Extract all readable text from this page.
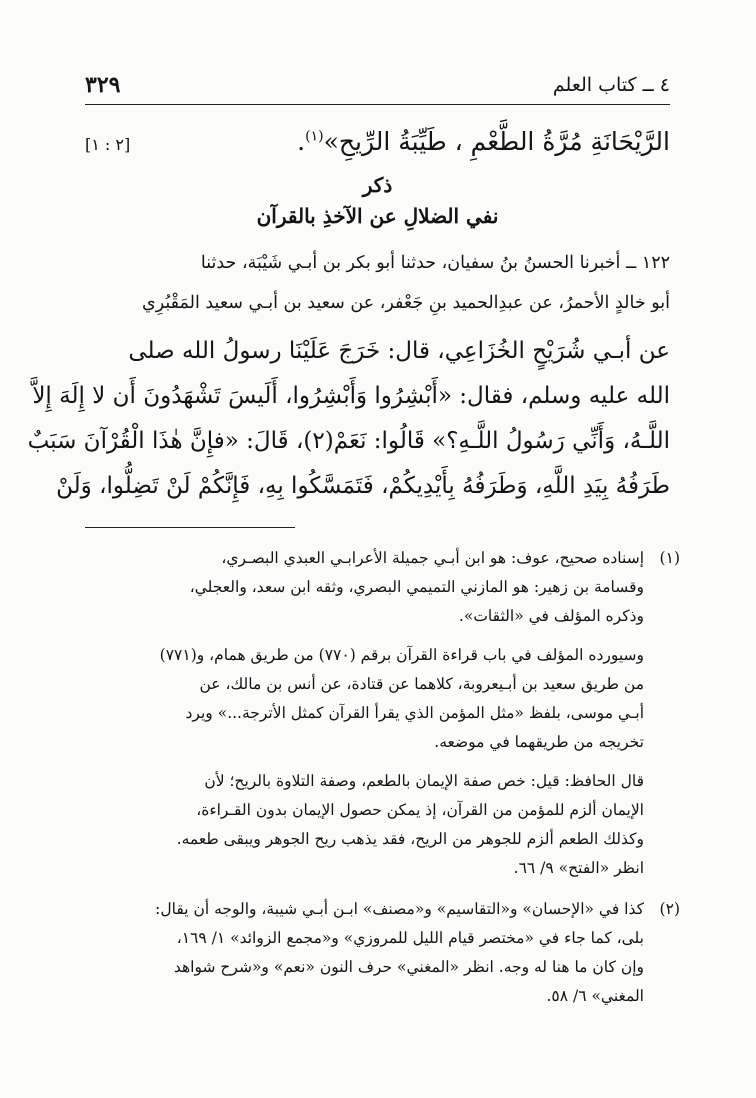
٤ ــ كتاب العلم
٣٢٩
الرَّيْحَانَةِ مُرَّةُ الطَّعْمِ ، طَيِّبَةُ الرِّيحِ»$^{(١)}$.
[٢ : ١]
ذكر
نفي الضلالِ عن الآخذِ بالقرآن

١٢٢ ــ أخبرنا الحسنُ بنُ سفيان، حدثنا أبو بكر بن أبـي شَيْبَة، حدثنا

أبو خالدٍ الأحمرُ، عن عبدِالحميد بنِ جَعْفر، عن سعيد بن أبـي سعيد المَقْبُرِي

عن أبـي شُرَيْحٍ الخُزَاعِي، قال: خَرَجَ عَلَيْنَا رسولُ الله صلى

الله عليه وسلم، فقال: «أَبْشِرُوا وَأَبْشِرُوا، أَلَيسَ تَشْهَدُونَ أَن لا إِلَهَ إِلاَّ

اللَّـهُ، وَأَنِّي رَسُولُ اللَّـهِ؟» قَالُوا: نَعَمْ(٢)، قَالَ: «فإِنَّ هٰذَا الْقُرْآنَ سَبَبٌ

طَرَفُهُ بِيَدِ اللَّهِ، وَطَرَفُهُ بِأَيْدِيكُمْ، فَتَمَسَّكُوا بِهِ، فَإِنَّكُمْ لَنْ تَضِلُّوا، وَلَنْ

(١)

إسناده صحيح، عوف: هو ابن أبـي جميلة الأعرابـي العبدي البصـري،

وقسامة بن زهير: هو المازني التميمي البصري، وثقه ابن سعد، والعجلي،

وذكره المؤلف في «الثقات».

وسيورده المؤلف في باب قراءة القرآن برقم (٧٧٠) من طريق همام، و(٧٧١)

من طريق سعيد بن أبـيعروبة، كلاهما عن قتادة، عن أنس بن مالك، عن

أبـي موسى، بلفظ «مثل المؤمن الذي يقرأ القرآن كمثل الأترجة...» ويرد

تخريجه من طريقهما في موضعه.

قال الحافظ: قيل: خص صفة الإيمان بالطعم، وصفة التلاوة بالريح؛ لأن

الإيمان ألزم للمؤمن من القرآن، إذ يمكن حصول الإيمان بدون القـراءة،

وكذلك الطعم ألزم للجوهر من الريح، فقد يذهب ريح الجوهر ويبقى طعمه.

انظر «الفتح» ٩/ ٦٦.

(٢)

كذا في «الإحسان» و«التقاسيم» و«مصنف» ابـن أبـي شيبة، والوجه أن يقال:

بلى، كما جاء في «مختصر قيام الليل للمروزي» و«مجمع الزوائد» ١/ ١٦٩،

وإن كان ما هنا له وجه. انظر «المغني» حرف النون «نعم» و«شرح شواهد

المغني» ٦/ ٥٨.
